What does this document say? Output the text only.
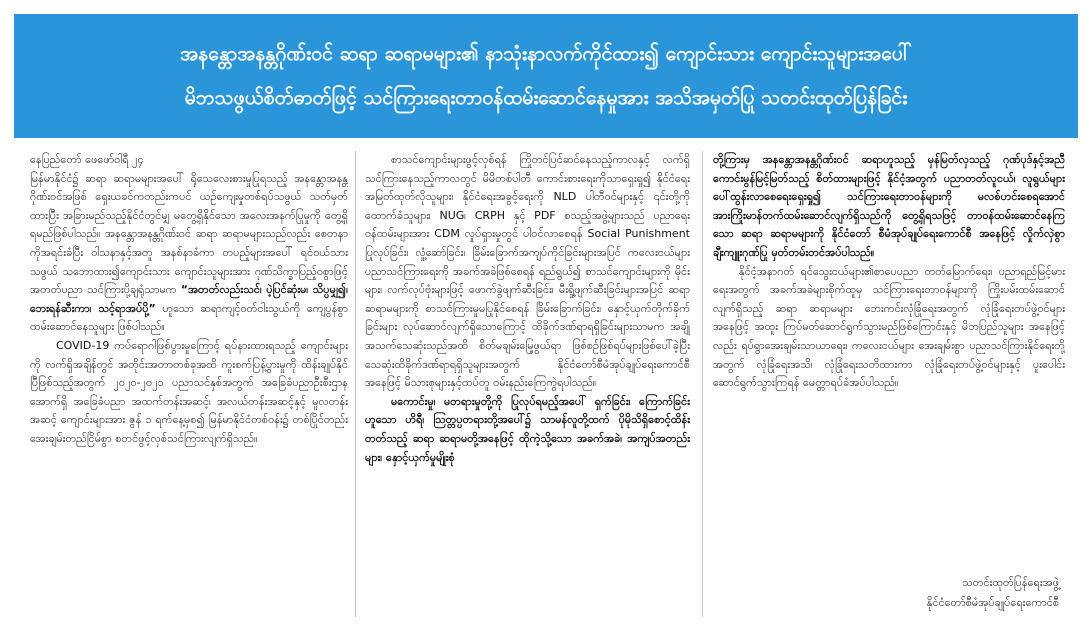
အနန္တောအနန္တဂိုဏ်းဝင် ဆရာ ဆရာမများ၏ နာသုံးနာလက်ကိုင်ထား၍ ကျောင်းသား ကျောင်းသူများအပေါ်
မိဘသဖွယ်စိတ်ဓာတ်ဖြင့် သင်ကြားရေးတာဝန်ထမ်းဆောင်နေမှုအား အသိအမှတ်ပြု သတင်းထုတ်ပြန်ခြင်း

နေပြည်တော် ဖေဖော်ဝါရီ ၂၄

မြန်မာနိုင်ငံ၌ ဆရာ ဆရာမများအပေါ် ရိုသေလေးစားမှုပြုရသည့် အနန္တောအနန္တဂိုဏ်းဝင်အဖြစ် ရှေးယခင်ကတည်းကပင် ယဉ်ကျေးမှုတစ်ရပ်သဖွယ် သတ်မှတ်ထားပြီး အခြားမည်သည့်နိုင်ငံတွင်မျှ မတွေ့ရှိနိုင်သော အလေးအနက်ပြုမှုကို တွေ့ရှိရမည်ဖြစ်ပါသည်။ အနန္တောအနန္တဂိုဏ်းဝင် ဆရာ ဆရာမများသည်လည်း စေတနာကိုအရင်းခံပြီး ဝါသနာနှင့်အတူ အနစ်နာခံကာ တပည့်များအပေါ် ရင်ဝယ်သားသဖွယ် သဘောထား၍ကျောင်းသား ကျောင်းသူများအား ဂုဏ်သိက္ခာပြည့်ဝစွာဖြင့် အတတ်ပညာ သင်ကြားပို့ချရုံသာမက “အတတ်လည်းသင်၊ ပဲ့ပြင်ဆုံးမ၊ သိပ္ပမျှ၍၊ ဘေးရန်ဆီးကာ၊ သင့်ရာအပ်ပို့” ဟူသော ဆရာကျင့်ဝတ်ငါးသွယ်ကို ကျေပွန်စွာထမ်းဆောင်နေသူများ ဖြစ်ပါသည်။

COVID-19 ကပ်ရောဂါဖြစ်ပွားမှုကြောင့် ရပ်နားထားရသည့် ကျောင်းများကို လက်ရှိအချိန်တွင် အတိုင်းအတာတစ်ခုအထိ ကူးစက်ပြန့်ပွားမှုကို ထိန်းချုပ်နိုင်ပြီဖြစ်သည့်အတွက် ၂၀၂၀-၂၀၂၁ ပညာသင်နှစ်အတွက် အခြေခံပညာဦးစီးဌာနအောက်ရှိ အခြေခံပညာ အထက်တန်းအဆင့်၊ အလယ်တန်းအဆင့်နှင့် မူလတန်းအဆင့် ကျောင်းများအား ဇွန် ၁ ရက်နေ့မှစ၍ မြန်မာနိုင်ငံတစ်ဝန်း၌ တစ်ပြိုင်တည်း အေးချမ်းတည်ငြိမ်စွာ စတင်ဖွင့်လှစ်သင်ကြားလျက်ရှိသည်။

စာသင်ကျောင်းများဖွင့်လှစ်ရန် ကြိုတင်ပြင်ဆင်နေသည့်ကာလနှင့် လက်ရှိသင်ကြားနေသည့်ကာလတွင် မိမိတစ်ပါတီ ကောင်းစားရေးကိုသာရှေးရှု၍ နိုင်ငံရေးအမြတ်ထုတ်လိုသူများ၊ နိုင်ငံရေးအခွင့်ရေးကို NLD ပါတီဝင်များနှင့် ၎င်းတို့ကို ထောက်ခံသူများ၊ NUG၊ CRPH နှင့် PDF စသည့်အဖွဲ့များသည် ပညာရေးဝန်ထမ်းများအား CDM လှုပ်ရှားမှုတွင် ပါဝင်လာစေရန် Social Punishment ပြုလုပ်ခြင်း၊ လှုံ့ဆော်ခြင်း၊ ခြိမ်းခြောက်အကျပ်ကိုင်ခြင်းများအပြင် ကလေးငယ်များ ပညာသင်ကြားရေးကို အခက်အခဲဖြစ်စေရန် ရည်ရွယ်၍ စာသင်ကျောင်းများကို မိုင်းများ၊ လက်လုပ်ဗုံးများဖြင့် ဖောက်ခွဲဖျက်ဆီးခြင်း၊ မီးရှို့ဖျက်ဆီးခြင်းများအပြင် ဆရာ ဆရာမများကို စာသင်ကြားမှုမပြုနိုင်စေရန် ခြိမ်းခြောက်ခြင်း၊ နှောင့်ယှက်တိုက်ခိုက်ခြင်းများ လုပ်ဆောင်လျက်ရှိသောကြောင့် ထိခိုက်ဒဏ်ရာရရှိခြင်းများသာမက အချို့အသက်သေဆုံးသည်အထိ စိတ်မချမ်းမြေ့ဖွယ်ရာ ဖြစ်စဉ်ဖြစ်ရပ်များဖြစ်ပေါ်ခဲ့ပြီး သေဆုံးထိခိုက်ဒဏ်ရာရရှိသူများအတွက် နိုင်ငံတော်စီမံအုပ်ချုပ်ရေးကောင်စီအနေဖြင့် မိသားစုများနှင့်ထပ်တူ ဝမ်းနည်းကြေကွဲရပါသည်။

မကောင်းမှု၊ မတရားမှုတို့ကို ပြုလုပ်ရမည့်အပေါ် ရှက်ခြင်း၊ ကြောက်ခြင်းဟူသော ဟိရီ၊ ဩတ္တပ္ပတရားတို့အပေါ်၌ သာမန်လူတို့ထက် ပိုမိုသိရှိစောင့်ထိန်းတတ်သည့် ဆရာ ဆရာမတို့အနေဖြင့် ထိုကဲ့သို့သော အခက်အခဲ၊ အကျပ်အတည်းများ၊ နှောင့်ယှက်မှုမျိုးစုံ

တို့ကြားမှ အနန္တောအနန္တဂိုဏ်းဝင် ဆရာဟူသည့် မှန်မြတ်လှသည့် ဂုဏ်ပုဒ်နှင့်အညီ ကောင်းမွန်မြင့်မြတ်သည့် စိတ်ထားများဖြင့် နိုင်ငံ့အတွက် ပညာတတ်လူငယ်၊ လူရွယ်များ ပေါ်ထွန်းလာစေရေးရှေးရှု၍ သင်ကြားရေးတာဝန်များကို မလစ်ဟင်းစေရအောင် အားကြိုးမာန်တက်ထမ်းဆောင်လျက်ရှိသည်ကို တွေ့ရှိရသဖြင့် တာဝန်ထမ်းဆောင်နေကြသော ဆရာ ဆရာမများကို နိုင်ငံတော် စီမံအုပ်ချုပ်ရေးကောင်စီ အနေဖြင့် လှိုက်လှဲစွာ ချီးကျူးဂုဏ်ပြု မှတ်တမ်းတင်အပ်ပါသည်။

နိုင်ငံ့အနာဂတ် ရင်သွေးငယ်များ၏စာပေပညာ တတ်မြောက်ရေး၊ ပညာရည်မြင့်မားရေးအတွက် အခက်အခဲများစိုက်ထူမှ သင်ကြားရေးတာဝန်များကို ကြိုးပမ်းထမ်းဆောင်လျက်ရှိသည့် ဆရာ ဆရာမများ ဘေးကင်းလုံခြုံရေးအတွက် လုံခြုံရေးတပ်ဖွဲ့ဝင်များအနေဖြင့် အထူး ကြပ်မတ်ဆောင်ရွက်သွားမည်ဖြစ်ကြောင်းနှင့် မိဘပြည်သူများ အနေဖြင့်လည်း ရပ်ရွာအေးချမ်းသာယာရေး၊ ကလေးငယ်များ အေးချမ်းစွာ ပညာသင်ကြားနိုင်ရေးတို့အတွက် လုံခြုံရေးအသိ၊ လုံခြုံရေးသတိထားကာ လုံခြုံရေးတပ်ဖွဲ့ဝင်များနှင့် ပူးပေါင်းဆောင်ရွက်သွားကြရန် မေတ္တာရပ်ခံအပ်ပါသည်။

သတင်းထုတ်ပြန်ရေးအဖွဲ့
နိုင်ငံတော်စီမံအုပ်ချုပ်ရေးကောင်စီ
